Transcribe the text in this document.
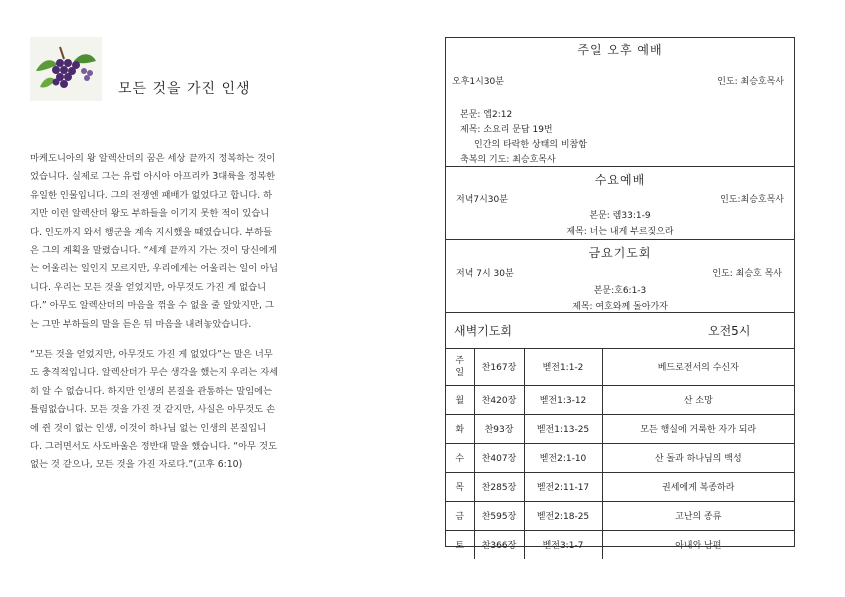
모든 것을 가진 인생
마케도니아의 왕 알렉산더의 꿈은 세상 끝까지 정복하는 것이
었습니다. 실제로 그는 유럽 아시아 아프리카 3대륙을 정복한
유일한 인물입니다. 그의 전쟁엔 패배가 없었다고 합니다. 하
지만 이런 알렉산더 왕도 부하들을 이기지 못한 적이 있습니
다. 인도까지 와서 행군을 계속 지시했을 때였습니다. 부하들
은 그의 계획을 말렸습니다. “세계 끝까지 가는 것이 당신에게
는 어울리는 일인지 모르지만, 우리에게는 어울리는 일이 아닙
니다. 우리는 모든 것을 얻었지만, 아무것도 가진 게 없습니
다.” 아무도 알렉산더의 마음을 꺾을 수 없을 줄 알았지만, 그
는 그만 부하들의 말을 듣은 뒤 마음을 내려놓았습니다.
“모든 것을 얻었지만, 아무것도 가진 게 없었다”는 말은 너무
도 충격적입니다. 알렉산더가 무슨 생각을 했는지 우리는 자세
히 알 수 없습니다. 하지만 인생의 본질을 관통하는 말임에는
틀림없습니다. 모든 것을 가진 것 같지만, 사실은 아무것도 손
에 쥔 것이 없는 인생, 이것이 하나님 없는 인생의 본질입니
다. 그러면서도 사도바울은 정반대 말을 했습니다. “아무 것도
없는 것 같으나, 모든 것을 가진 자로다.”(고후 6:10)
주일 오후 예배
오후1시30분	인도: 최승호목사
본문: 엡2:12
제목: 소요리 문답 19번
인간의 타락한 상태의 비참함
축복의 기도: 최승호목사
수요예배
저녁7시30분	인도:최승호목사
본문: 렘33:1-9
제목: 너는 내게 부르짖으라
금요기도회
저녁 7시 30분	인도: 최승호 목사
본문:호6:1-3
제목: 여호와께 돌아가자
새벽기도회	오전5시
주
일	찬167장	벧전1:1-2	베드로전서의 수신자
월	찬420장	벧전1:3-12	산 소망
화	찬93장	벧전1:13-25	모든 행실에 거룩한 자가 되라
수	찬407장	벧전2:1-10	산 돌과 하나님의 백성
목	찬285장	벧전2:11-17	권세에게 복종하라
금	찬595장	벧전2:18-25	고난의 종류
토	찬366장	벧전3:1-7	아내와 남편
